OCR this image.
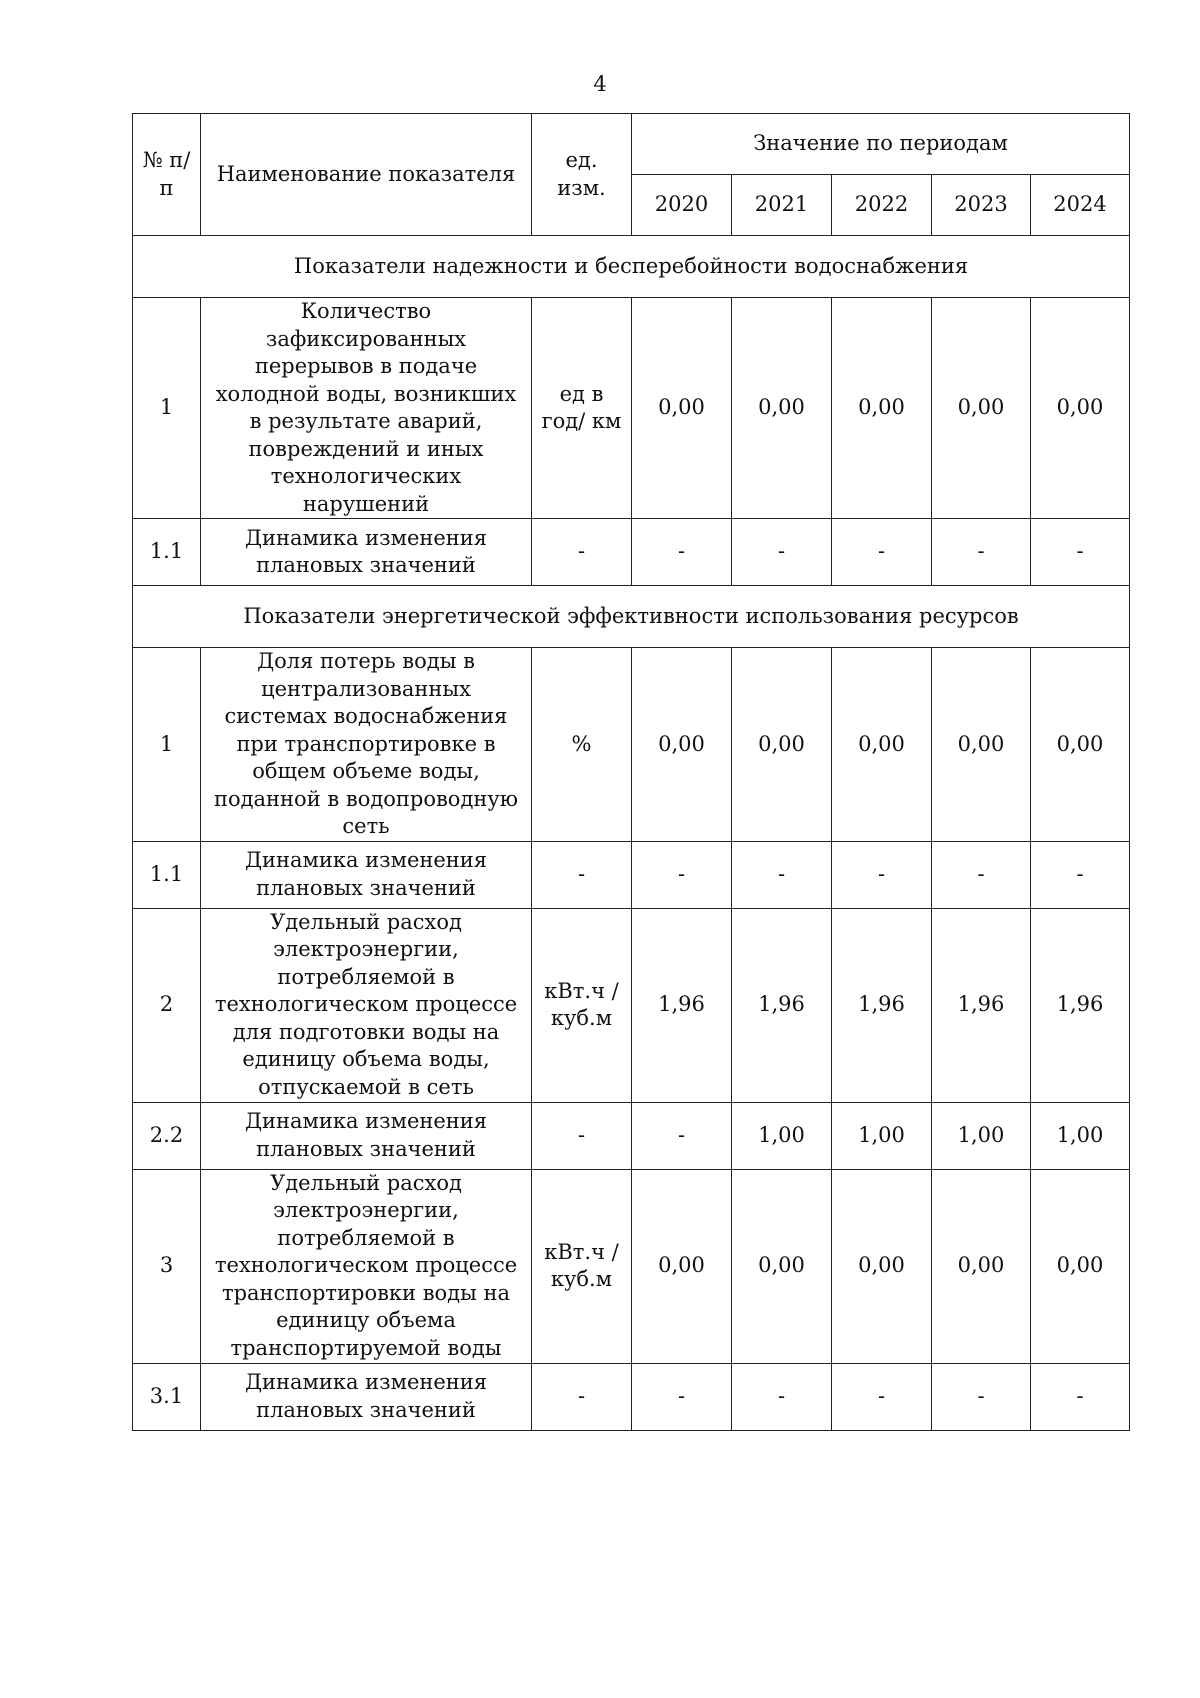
4
№ п/п	Наименование показателя	ед. изм.	Значение по периодам				
			2020	2021	2022	2023	2024
Показатели надежности и бесперебойности водоснабжения							
1	Количество зафиксированных перерывов в подаче холодной воды, возникших в результате аварий, повреждений и иных технологических нарушений	ед в год/ км	0,00	0,00	0,00	0,00	0,00
1.1	Динамика изменения плановых значений	-	-	-	-	-	-
Показатели энергетической эффективности использования ресурсов							
1	Доля потерь воды в централизованных системах водоснабжения при транспортировке в общем объеме воды, поданной в водопроводную сеть	%	0,00	0,00	0,00	0,00	0,00
1.1	Динамика изменения плановых значений	-	-	-	-	-	-
2	Удельный расход электроэнергии, потребляемой в технологическом процессе для подготовки воды на единицу объема воды, отпускаемой в сеть	кВт.ч / куб.м	1,96	1,96	1,96	1,96	1,96
2.2	Динамика изменения плановых значений	-	-	1,00	1,00	1,00	1,00
3	Удельный расход электроэнергии, потребляемой в технологическом процессе транспортировки воды на единицу объема транспортируемой воды	кВт.ч / куб.м	0,00	0,00	0,00	0,00	0,00
3.1	Динамика изменения плановых значений	-	-	-	-	-	-
